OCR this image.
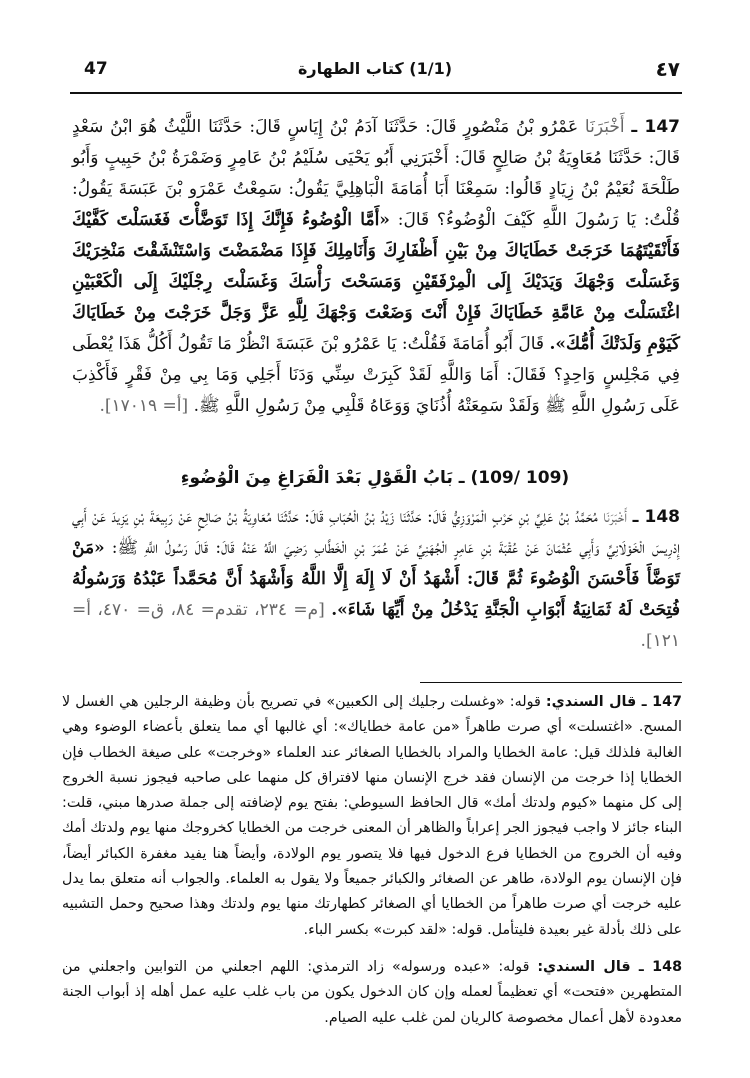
47	(1/1) كتاب الطهارة	٤٧
147 ـ أَخْبَرَنَا عَمْرُو بْنُ مَنْصُورٍ قَالَ: حَدَّثَنَا آدَمُ بْنُ إِيَاسٍ قَالَ: حَدَّثَنَا اللَّيْثُ هُوَ ابْنُ سَعْدٍ قَالَ: حَدَّثَنَا مُعَاوِيَةُ بْنُ صَالِحٍ قَالَ: أَخْبَرَنِي أَبُو يَحْيَى سُلَيْمُ بْنُ عَامِرٍ وَضَمْرَةُ بْنُ حَبِيبٍ وَأَبُو طَلْحَةَ نُعَيْمُ بْنُ زِيَادٍ قَالُوا: سَمِعْنَا أَبَا أُمَامَةَ الْبَاهِلِيَّ يَقُولُ: سَمِعْتُ عَمْرَو بْنَ عَبَسَةَ يَقُولُ: قُلْتُ: يَا رَسُولَ اللَّهِ كَيْفَ الْوُضُوءُ؟ قَالَ: «أَمَّا الْوُضُوءُ فَإِنَّكَ إِذَا تَوَضَّأْتَ فَغَسَلْتَ كَفَّيْكَ فَأَنْقَيْتَهُمَا خَرَجَتْ خَطَايَاكَ مِنْ بَيْنِ أَظْفَارِكَ وَأَنَامِلِكَ فَإِذَا مَضْمَضْتَ وَاسْتَنْشَقْتَ مَنْخِرَيْكَ وَغَسَلْتَ وَجْهَكَ وَيَدَيْكَ إِلَى الْمِرْفَقَيْنِ وَمَسَحْتَ رَأْسَكَ وَغَسَلْتَ رِجْلَيْكَ إِلَى الْكَعْبَيْنِ اغْتَسَلْتَ مِنْ عَامَّةِ خَطَايَاكَ فَإِنْ أَنْتَ وَضَعْتَ وَجْهَكَ لِلَّهِ عَزَّ وَجَلَّ خَرَجْتَ مِنْ خَطَايَاكَ كَيَوْمِ وَلَدَتْكَ أُمُّكَ». قَالَ أَبُو أُمَامَةَ فَقُلْتُ: يَا عَمْرُو بْنَ عَبَسَةَ انْظُرْ مَا تَقُولُ أَكُلُّ هَذَا يُعْطَى فِي مَجْلِسٍ وَاحِدٍ؟ فَقَالَ: أَمَا وَاللَّهِ لَقَدْ كَبِرَتْ سِنِّي وَدَنَا أَجَلِي وَمَا بِي مِنْ فَقْرٍ فَأَكْذِبَ عَلَى رَسُولِ اللَّهِ ﷺ وَلَقَدْ سَمِعَتْهُ أُذُنَايَ وَوَعَاهُ قَلْبِي مِنْ رَسُولِ اللَّهِ ﷺ. [أ= ١٧٠١٩].
(109 /109) ـ بَابُ الْقَوْلِ بَعْدَ الْفَرَاغِ مِنَ الْوُضُوءِ
148 ـ أَخْبَرَنَا مُحَمَّدُ بْنُ عَلِيِّ بْنِ حَرْبٍ الْمَرْوَزِيُّ قَالَ: حَدَّثَنَا زَيْدُ بْنُ الْحُبَابِ قَالَ: حَدَّثَنَا مُعَاوِيَةُ بْنُ صَالِحٍ عَنْ رَبِيعَةَ بْنِ يَزِيدَ عَنْ أَبِي إِدْرِيسَ الْخَوْلَانِيِّ وَأَبِي عُثْمَانَ عَنْ عُقْبَةَ بْنِ عَامِرٍ الْجُهَنِيِّ عَنْ عُمَرَ بْنِ الْخَطَّابِ رَضِيَ اللَّهُ عَنْهُ قَالَ: قَالَ رَسُولُ اللَّهِ ﷺ: «مَنْ تَوَضَّأَ فَأَحْسَنَ الْوُضُوءَ ثُمَّ قَالَ: أَشْهَدُ أَنْ لَا إِلَهَ إِلَّا اللَّهُ وَأَشْهَدُ أَنَّ مُحَمَّداً عَبْدُهُ وَرَسُولُهُ فُتِحَتْ لَهُ ثَمَانِيَةُ أَبْوَابِ الْجَنَّةِ يَدْخُلُ مِنْ أَيِّهَا شَاءَ». [م= ٢٣٤، تقدم= ٨٤، ق= ٤٧٠، أ= ١٢١].
147 ـ قال السندي: قوله: «وغسلت رجليك إلى الكعبين» في تصريح بأن وظيفة الرجلين هي الغسل لا المسح. «اغتسلت» أي صرت طاهراً «من عامة خطاياك»: أي غالبها أي مما يتعلق بأعضاء الوضوء وهي الغالبة فلذلك قيل: عامة الخطايا والمراد بالخطايا الصغائر عند العلماء «وخرجت» على صيغة الخطاب فإن الخطايا إذا خرجت من الإنسان فقد خرج الإنسان منها لافتراق كل منهما على صاحبه فيجوز نسبة الخروج إلى كل منهما «كيوم ولدتك أمك» قال الحافظ السيوطي: بفتح يوم لإضافته إلى جملة صدرها مبني، قلت: البناء جائز لا واجب فيجوز الجر إعراباً والظاهر أن المعنى خرجت من الخطايا كخروجك منها يوم ولدتك أمك وفيه أن الخروج من الخطايا فرع الدخول فيها فلا يتصور يوم الولادة، وأيضاً هنا يفيد مغفرة الكبائر أيضاً، فإن الإنسان يوم الولادة، طاهر عن الصغائر والكبائر جميعاً ولا يقول به العلماء. والجواب أنه متعلق بما يدل عليه خرجت أي صرت طاهراً من الخطايا أي الصغائر كطهارتك منها يوم ولدتك وهذا صحيح وحمل التشبيه على ذلك بأدلة غير بعيدة فليتأمل. قوله: «لقد كبرت» بكسر الباء.
148 ـ قال السندي: قوله: «عبده ورسوله» زاد الترمذي: اللهم اجعلني من التوابين واجعلني من المتطهرين «فتحت» أي تعظيماً لعمله وإن كان الدخول يكون من باب غلب عليه عمل أهله إذ أبواب الجنة معدودة لأهل أعمال مخصوصة كالريان لمن غلب عليه الصيام.
